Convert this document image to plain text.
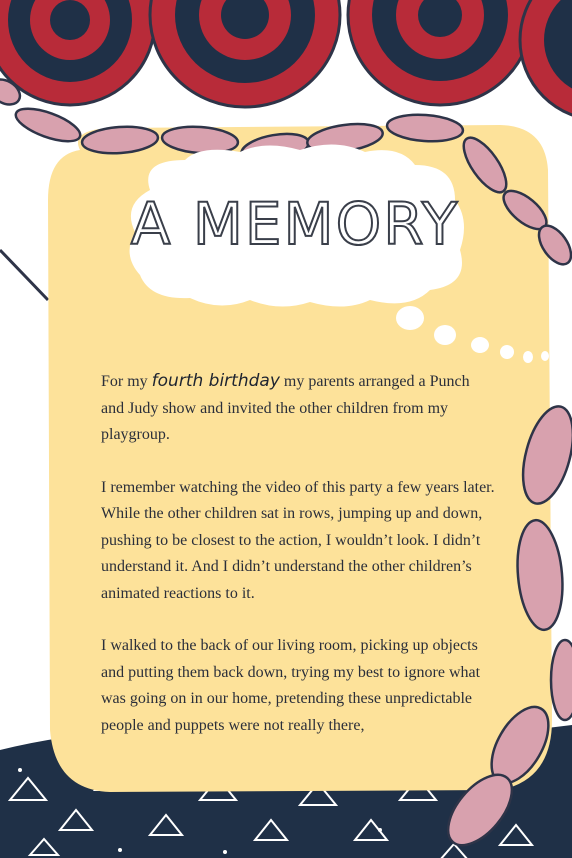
A MEMORY

For my fourth birthday my parents arranged a Punch and Judy show and invited the other children from my playgroup.

I remember watching the video of this party a few years later. While the other children sat in rows, jumping up and down, pushing to be closest to the action, I wouldn’t look. I didn’t understand it. And I didn’t understand the other children’s animated reactions to it.

I walked to the back of our living room, picking up objects and putting them back down, trying my best to ignore what was going on in our home, pretending these unpredictable people and puppets were not really there,
